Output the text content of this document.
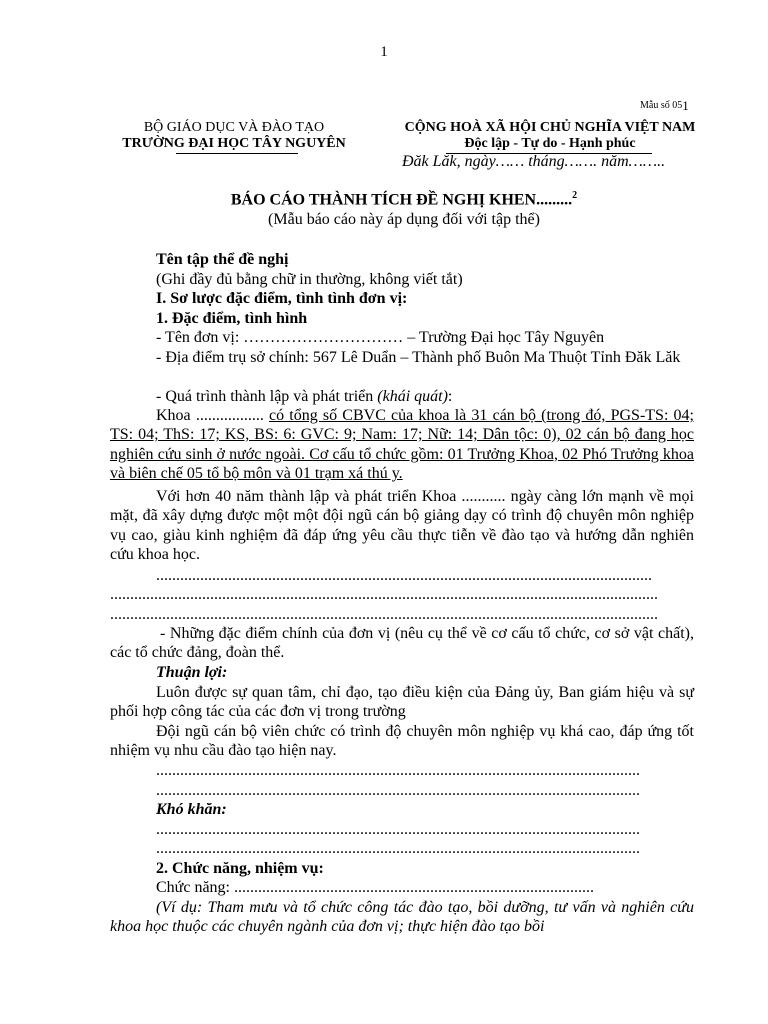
1
Mẫu số $05^1$
BỘ GIÁO DỤC VÀ ĐÀO TẠO
TRƯỜNG ĐẠI HỌC TÂY NGUYÊN
CỘNG HOÀ XÃ HỘI CHỦ NGHĨA VIỆT NAM
Độc lập - Tự do - Hạnh phúc
Đăk Lăk, ngày…… tháng……. năm……..
BÁO CÁO THÀNH TÍCH ĐỀ NGHỊ KHEN.........$^2$
(Mẫu báo cáo này áp dụng đối với tập thể)
Tên tập thể đề nghị
(Ghi đầy đủ bằng chữ in thường, không viết tắt)
I. Sơ lược đặc điểm, tình tình đơn vị:
1. Đặc điểm, tình hình
- Tên đơn vị: ………………………… – Trường Đại học Tây Nguyên
- Địa điểm trụ sở chính: 567 Lê Duẩn – Thành phố Buôn Ma Thuột Tỉnh Đăk Lăk
- Quá trình thành lập và phát triển (khái quát):
Khoa ................. có tổng số CBVC của khoa là 31 cán bộ (trong đó, PGS-TS: 04; TS: 04; ThS: 17; KS, BS: 6: GVC: 9; Nam: 17; Nữ: 14; Dân tộc: 0), 02 cán bộ đang học nghiên cứu sinh ở nước ngoài. Cơ cấu tổ chức gồm: 01 Trưởng Khoa, 02 Phó Trưởng khoa và biên chế 05 tổ bộ môn và 01 trạm xá thú y.
Với hơn 40 năm thành lập và phát triển Khoa ........... ngày càng lớn mạnh về mọi mặt, đã xây dựng được một một đội ngũ cán bộ giảng dạy có trình độ chuyên môn nghiệp vụ cao, giàu kinh nghiệm đã đáp ứng yêu cầu thực tiễn về đào tạo và hướng dẫn nghiên cứu khoa học.
............................................................................................................................
.........................................................................................................................................
.........................................................................................................................................
- Những đặc điểm chính của đơn vị (nêu cụ thể về cơ cấu tổ chức, cơ sở vật chất), các tổ chức đảng, đoàn thể.
Thuận lợi:
Luôn được sự quan tâm, chỉ đạo, tạo điều kiện của Đảng ủy, Ban giám hiệu và sự phối hợp công tác của các đơn vị trong trường
Đội ngũ cán bộ viên chức có trình độ chuyên môn nghiệp vụ khá cao, đáp ứng tốt nhiệm vụ nhu cầu đào tạo hiện nay.
.........................................................................................................................
.........................................................................................................................
Khó khăn:
.........................................................................................................................
.........................................................................................................................
2. Chức năng, nhiệm vụ:
Chức năng: ..........................................................................................
(Ví dụ: Tham mưu và tổ chức công tác đào tạo, bồi dưỡng, tư vấn và nghiên cứu khoa học thuộc các chuyên ngành của đơn vị; thực hiện đào tạo bồi
